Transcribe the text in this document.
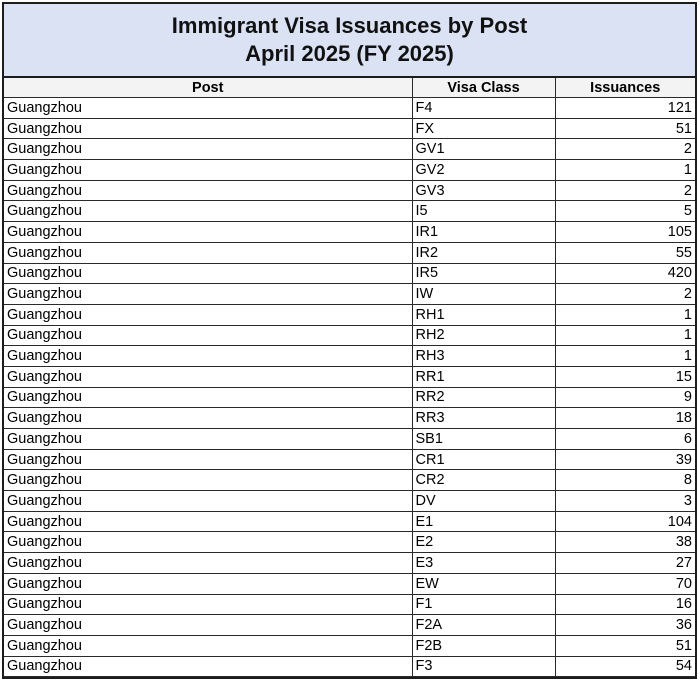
Immigrant Visa Issuances by Post
April 2025 (FY 2025)
Post	Visa Class	Issuances
Guangzhou	F4	121
Guangzhou	FX	51
Guangzhou	GV1	2
Guangzhou	GV2	1
Guangzhou	GV3	2
Guangzhou	I5	5
Guangzhou	IR1	105
Guangzhou	IR2	55
Guangzhou	IR5	420
Guangzhou	IW	2
Guangzhou	RH1	1
Guangzhou	RH2	1
Guangzhou	RH3	1
Guangzhou	RR1	15
Guangzhou	RR2	9
Guangzhou	RR3	18
Guangzhou	SB1	6
Guangzhou	CR1	39
Guangzhou	CR2	8
Guangzhou	DV	3
Guangzhou	E1	104
Guangzhou	E2	38
Guangzhou	E3	27
Guangzhou	EW	70
Guangzhou	F1	16
Guangzhou	F2A	36
Guangzhou	F2B	51
Guangzhou	F3	54
